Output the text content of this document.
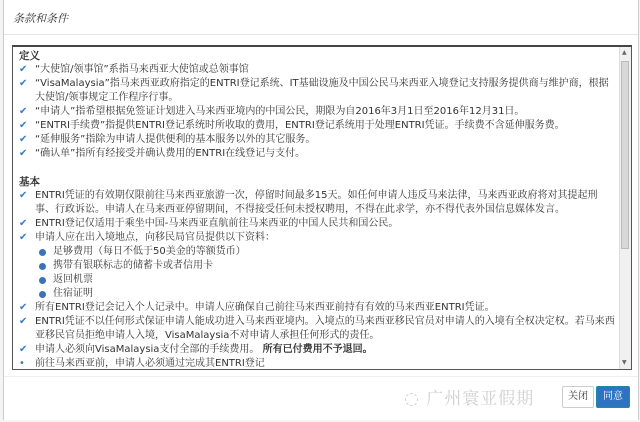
条款和条件
定义
✔ “大使馆/领事馆”系指马来西亚大使馆或总领事馆
✔ “VisaMalaysia”指马来西亚政府指定的ENTRI登记系统、IT基础设施及中国公民马来西亚入境登记支持服务提供商与维护商，根据大使馆/领事规定工作程序行事。
✔ “申请人”指希望根据免签证计划进入马来西亚境内的中国公民，期限为自2016年3月1日至2016年12月31日。
✔ “ENTRI手续费”指提供ENTRI登记系统时所收取的费用，ENTRI登记系统用于处理ENTRI凭证。手续费不含延伸服务费。
✔ “延伸服务”指除为申请人提供便利的基本服务以外的其它服务。
✔ “确认单”指所有经接受并确认费用的ENTRI在线登记与支付。
基本
✔ ENTRI凭证的有效期仅限前往马来西亚旅游一次，停留时间最多15天。如任何申请人违反马来法律，马来西亚政府将对其提起刑事、行政诉讼。申请人在马来西亚停留期间，不得接受任何未授权聘用，不得在此求学，亦不得代表外国信息媒体发言。
✔ ENTRI登记仅适用于乘坐中国-马来西亚直航前往马来西亚的中国人民共和国公民。
✔ 申请人应在出入境地点，向移民局官员提供以下资料：
足够费用（每日不低于50美金的等额货币）
携带有银联标志的储蓄卡或者信用卡
返回机票
住宿证明
✔ 所有ENTRI登记会记入个人记录中。申请人应确保自己前往马来西亚前持有有效的马来西亚ENTRI凭证。
✔ ENTRI凭证不以任何形式保证申请人能成功进入马来西亚境内。入境点的马来西亚移民官员对申请人的入境有全权决定权。若马来西亚移民官员拒绝申请人入境，VisaMalaysia不对申请人承担任何形式的责任。
✔ 申请人必须向VisaMalaysia支付全部的手续费用。 所有已付费用不予退回。
• 前往马来西亚前，申请人必须通过完成其ENTRI登记
▲
▼
◌ 广州寰亚假期	关闭	同意
